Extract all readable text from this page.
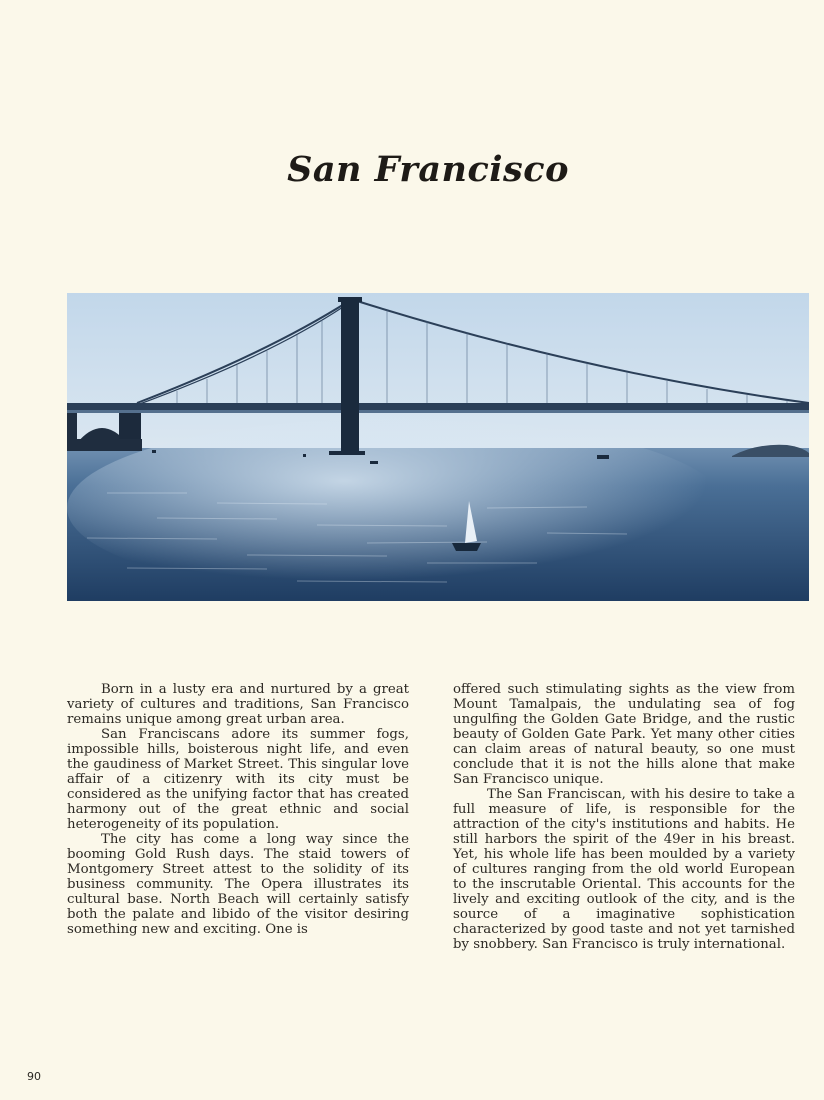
San Francisco

Born in a lusty era and nurtured by a great variety of cultures and traditions, San Francisco remains unique among great urban area.

San Franciscans adore its summer fogs, impossible hills, boisterous night life, and even the gaudiness of Market Street. This singular love affair of a citizenry with its city must be considered as the unifying factor that has created harmony out of the great ethnic and social heterogeneity of its population.

The city has come a long way since the booming Gold Rush days. The staid towers of Montgomery Street attest to the solidity of its business community. The Opera illustrates its cultural base. North Beach will certainly satisfy both the palate and libido of the visitor desiring something new and exciting. One is

offered such stimulating sights as the view from Mount Tamalpais, the undulating sea of fog ungulfing the Golden Gate Bridge, and the rustic beauty of Golden Gate Park. Yet many other cities can claim areas of natural beauty, so one must conclude that it is not the hills alone that make San Francisco unique.

The San Franciscan, with his desire to take a full measure of life, is responsible for the attraction of the city's institutions and habits. He still harbors the spirit of the 49er in his breast. Yet, his whole life has been moulded by a variety of cultures ranging from the old world European to the inscrutable Oriental. This accounts for the lively and exciting outlook of the city, and is the source of a imaginative sophistication characterized by good taste and not yet tarnished by snobbery. San Francisco is truly international.

90
